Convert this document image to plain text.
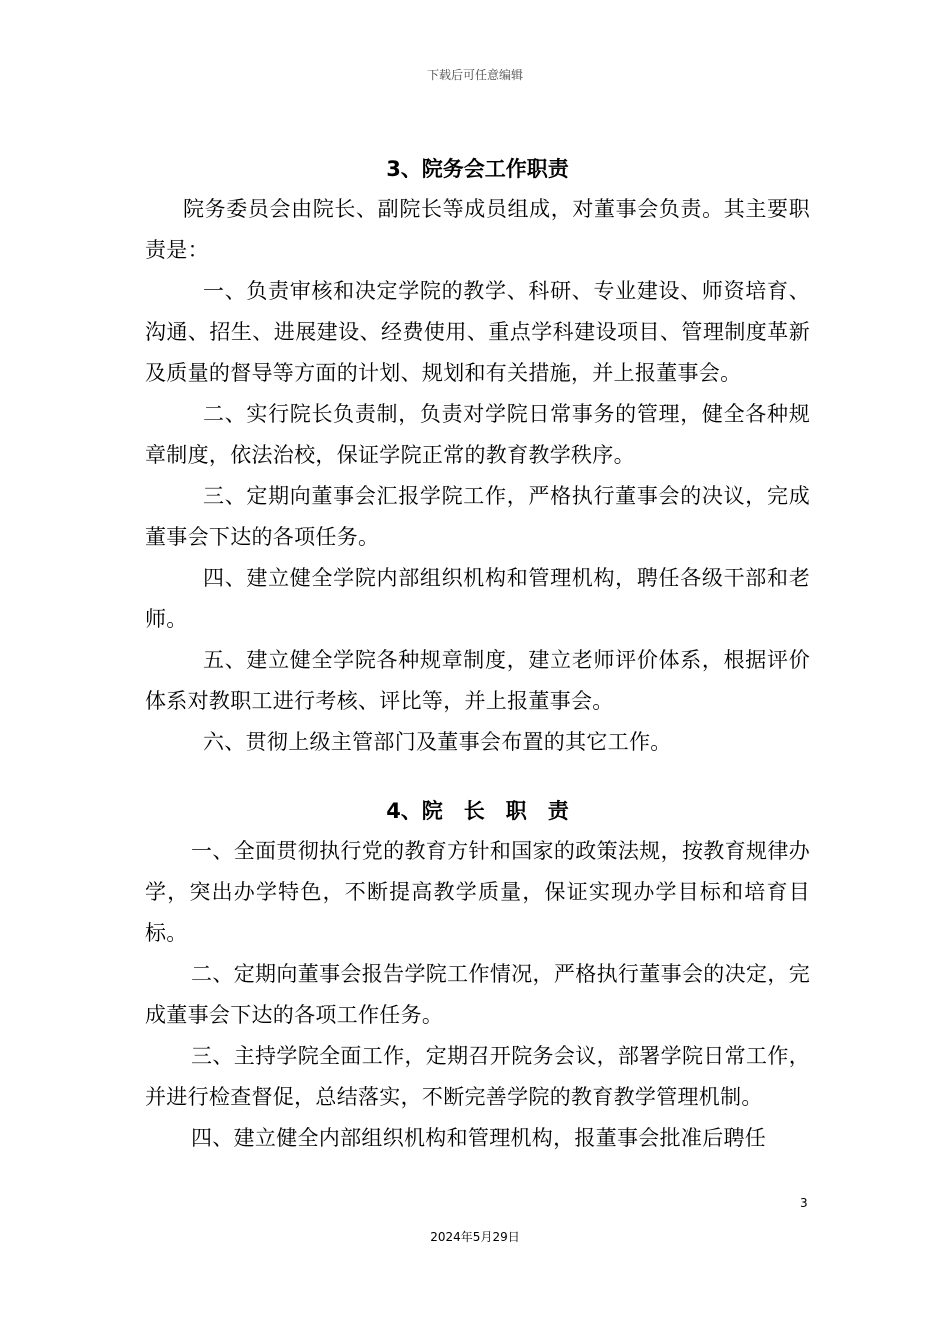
下载后可任意编辑
3、院务会工作职责

院务委员会由院长、副院长等成员组成，对董事会负责。其主要职责是：

一、负责审核和决定学院的教学、科研、专业建设、师资培育、沟通、招生、进展建设、经费使用、重点学科建设项目、管理制度革新及质量的督导等方面的计划、规划和有关措施，并上报董事会。

二、实行院长负责制，负责对学院日常事务的管理，健全各种规章制度，依法治校，保证学院正常的教育教学秩序。

三、定期向董事会汇报学院工作，严格执行董事会的决议，完成董事会下达的各项任务。

四、建立健全学院内部组织机构和管理机构，聘任各级干部和老师。

五、建立健全学院各种规章制度，建立老师评价体系，根据评价体系对教职工进行考核、评比等，并上报董事会。

六、贯彻上级主管部门及董事会布置的其它工作。

4、院　长　职　责

一、全面贯彻执行党的教育方针和国家的政策法规，按教育规律办学，突出办学特色，不断提高教学质量，保证实现办学目标和培育目标。

二、定期向董事会报告学院工作情况，严格执行董事会的决定，完成董事会下达的各项工作任务。

三、主持学院全面工作，定期召开院务会议，部署学院日常工作，并进行检查督促，总结落实，不断完善学院的教育教学管理机制。

四、建立健全内部组织机构和管理机构，报董事会批准后聘任

3
2024年5月29日
